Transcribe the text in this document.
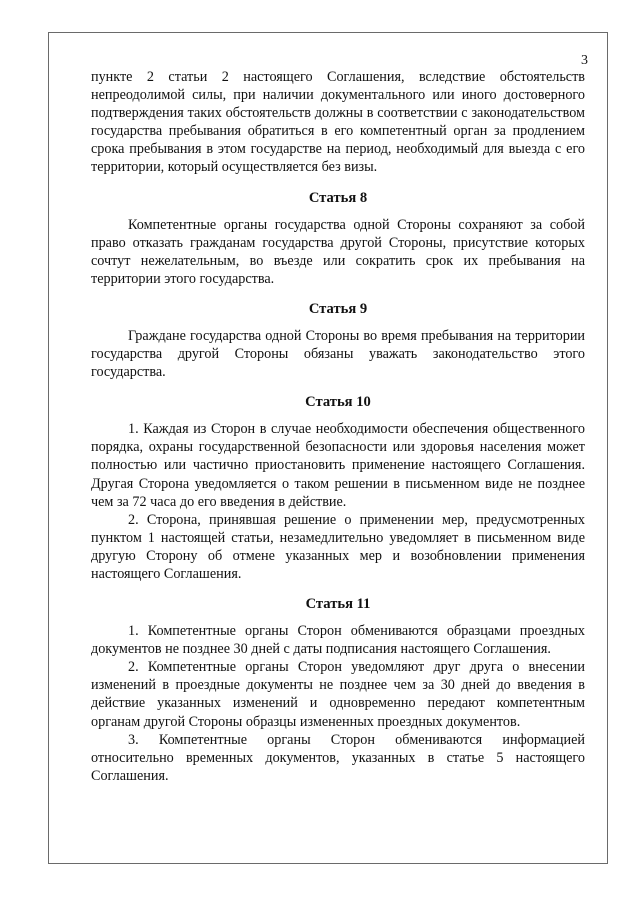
3

пункте 2 статьи 2 настоящего Соглашения, вследствие обстоятельств непреодолимой силы, при наличии документального или иного достоверного подтверждения таких обстоятельств должны в соответствии с законодательством государства пребывания обратиться в его компетентный орган за продлением срока пребывания в этом государстве на период, необходимый для выезда с его территории, который осуществляется без визы.

Статья 8

Компетентные органы государства одной Стороны сохраняют за собой право отказать гражданам государства другой Стороны, присутствие которых сочтут нежелательным, во въезде или сократить срок их пребывания на территории этого государства.

Статья 9

Граждане государства одной Стороны во время пребывания на территории государства другой Стороны обязаны уважать законодательство этого государства.

Статья 10

1. Каждая из Сторон в случае необходимости обеспечения общественного порядка, охраны государственной безопасности или здоровья населения может полностью или частично приостановить применение настоящего Соглашения. Другая Сторона уведомляется о таком решении в письменном виде не позднее чем за 72 часа до его введения в действие.

2. Сторона, принявшая решение о применении мер, предусмотренных пунктом 1 настоящей статьи, незамедлительно уведомляет в письменном виде другую Сторону об отмене указанных мер и возобновлении применения настоящего Соглашения.

Статья 11

1. Компетентные органы Сторон обмениваются образцами проездных документов не позднее 30 дней с даты подписания настоящего Соглашения.

2. Компетентные органы Сторон уведомляют друг друга о внесении изменений в проездные документы не позднее чем за 30 дней до введения в действие указанных изменений и одновременно передают компетентным органам другой Стороны образцы измененных проездных документов.

3. Компетентные органы Сторон обмениваются информацией относительно временных документов, указанных в статье 5 настоящего Соглашения.
